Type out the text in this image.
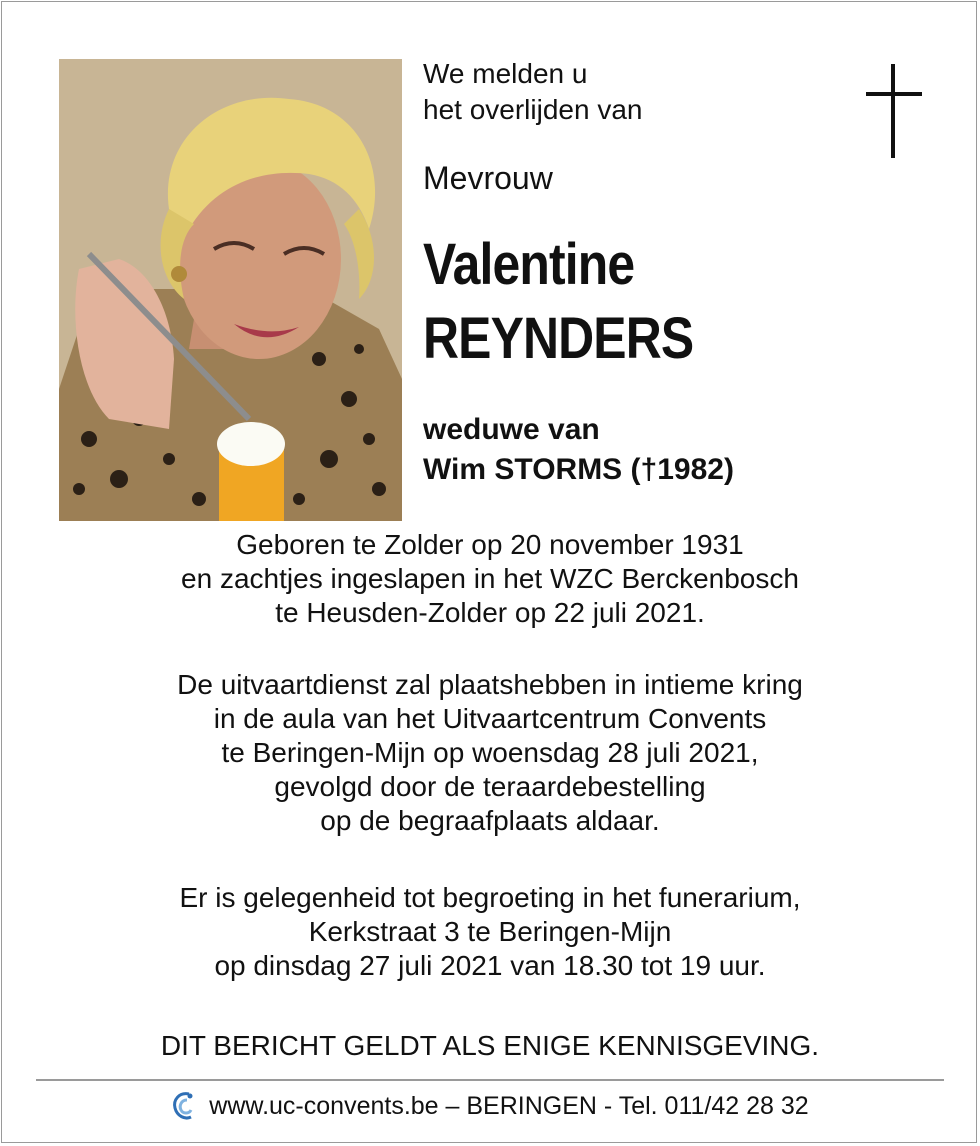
We melden u
het overlijden van
Mevrouw
Valentine
REYNDERS
weduwe van
Wim STORMS (†1982)
Geboren te Zolder op 20 november 1931
en zachtjes ingeslapen in het WZC Berckenbosch
te Heusden-Zolder op 22 juli 2021.
De uitvaartdienst zal plaatshebben in intieme kring
in de aula van het Uitvaartcentrum Convents
te Beringen-Mijn op woensdag 28 juli 2021,
gevolgd door de teraardebestelling
op de begraafplaats aldaar.
Er is gelegenheid tot begroeting in het funerarium,
Kerkstraat 3 te Beringen-Mijn
op dinsdag 27 juli 2021 van 18.30 tot 19 uur.
DIT BERICHT GELDT ALS ENIGE KENNISGEVING.
www.uc-convents.be – BERINGEN - Tel. 011/42 28 32
